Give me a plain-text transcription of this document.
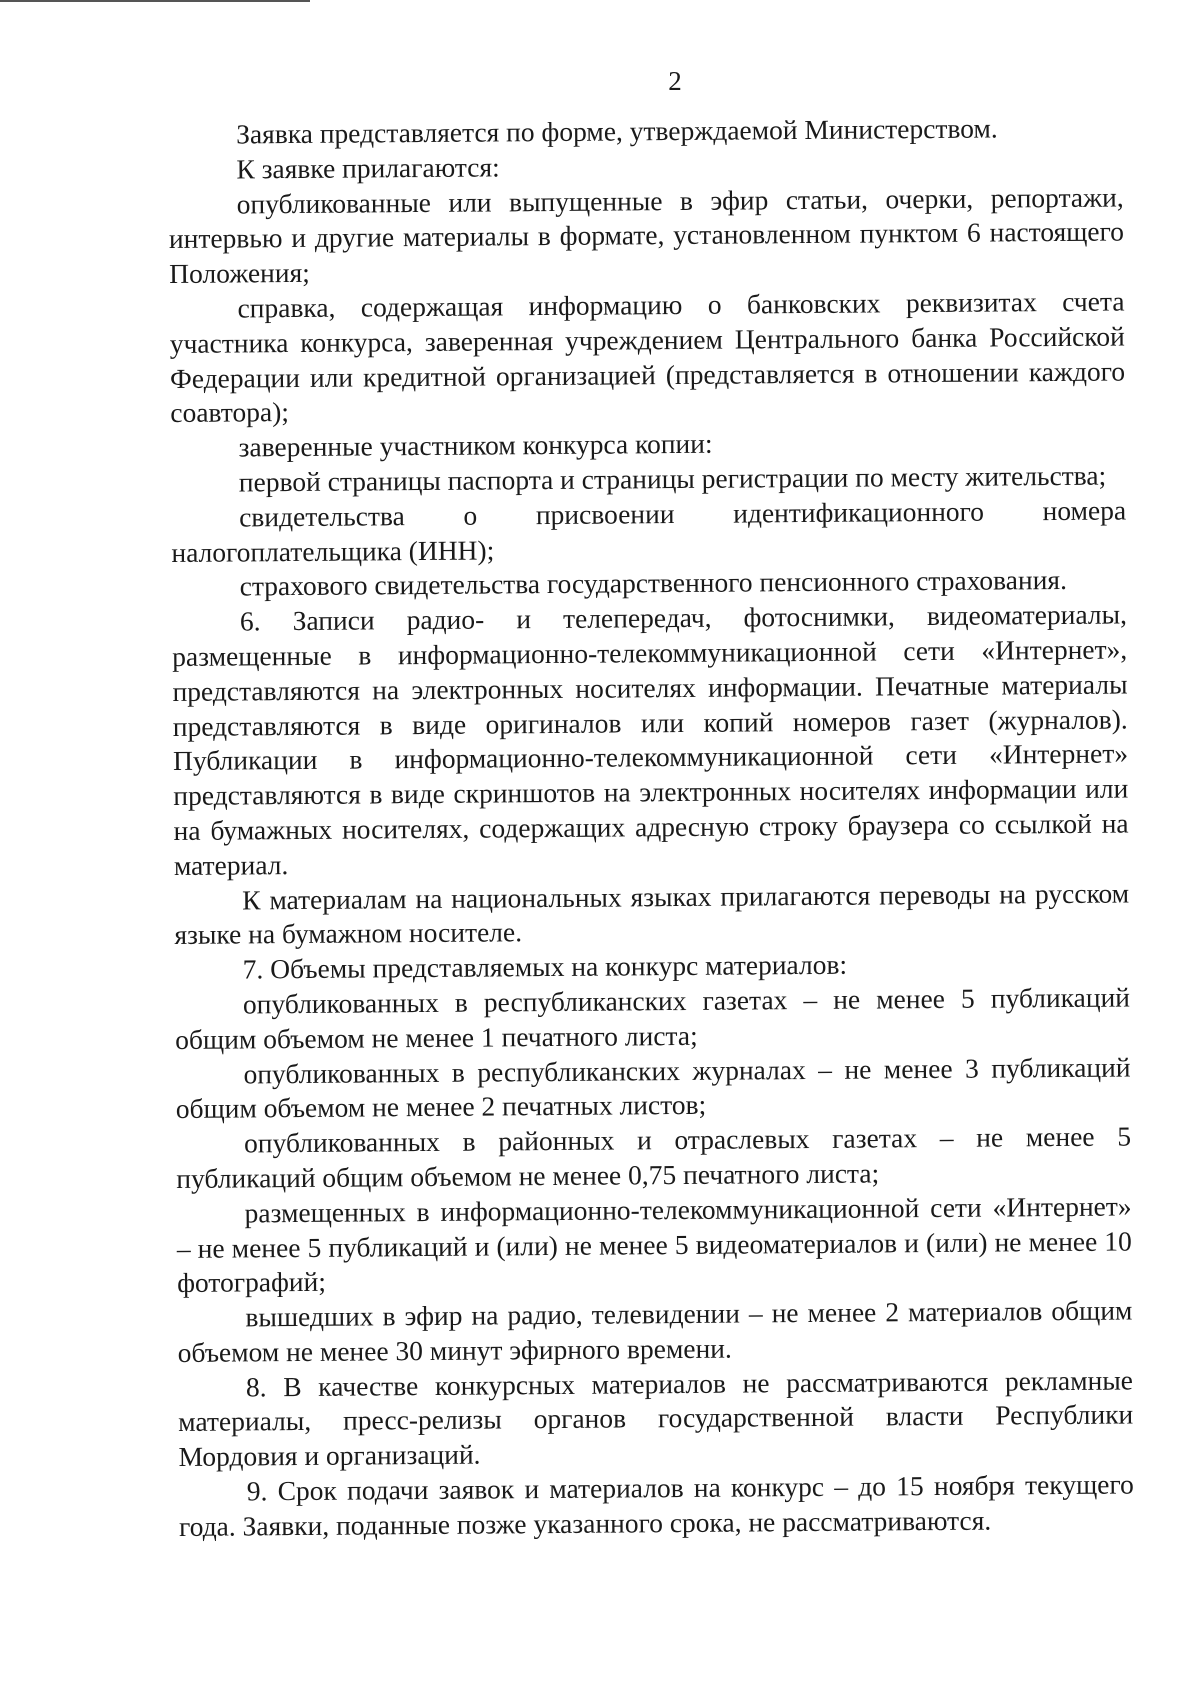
2

Заявка представляется по форме, утверждаемой Министерством.

К заявке прилагаются:

опубликованные или выпущенные в эфир статьи, очерки, репортажи, интервью и другие материалы в формате, установленном пунктом 6 настоящего Положения;

справка, содержащая информацию о банковских реквизитах счета участника конкурса, заверенная учреждением Центрального банка Российской Федерации или кредитной организацией (представляется в отношении каждого соавтора);

заверенные участником конкурса копии:

первой страницы паспорта и страницы регистрации по месту жительства;

свидетельства о присвоении идентификационного номера налогоплательщика (ИНН);

страхового свидетельства государственного пенсионного страхования.

6. Записи радио- и телепередач, фотоснимки, видеоматериалы, размещенные в информационно-телекоммуникационной сети «Интернет», представляются на электронных носителях информации. Печатные материалы представляются в виде оригиналов или копий номеров газет (журналов). Публикации в информационно-телекоммуникационной сети «Интернет» представляются в виде скриншотов на электронных носителях информации или на бумажных носителях, содержащих адресную строку браузера со ссылкой на материал.

К материалам на национальных языках прилагаются переводы на русском языке на бумажном носителе.

7. Объемы представляемых на конкурс материалов:

опубликованных в республиканских газетах – не менее 5 публикаций общим объемом не менее 1 печатного листа;

опубликованных в республиканских журналах – не менее 3 публикаций общим объемом не менее 2 печатных листов;

опубликованных в районных и отраслевых газетах – не менее 5 публикаций общим объемом не менее 0,75 печатного листа;

размещенных в информационно-телекоммуникационной сети «Интернет» – не менее 5 публикаций и (или) не менее 5 видеоматериалов и (или) не менее 10 фотографий;

вышедших в эфир на радио, телевидении – не менее 2 материалов общим объемом не менее 30 минут эфирного времени.

8. В качестве конкурсных материалов не рассматриваются рекламные материалы, пресс-релизы органов государственной власти Республики Мордовия и организаций.

9. Срок подачи заявок и материалов на конкурс – до 15 ноября текущего года. Заявки, поданные позже указанного срока, не рассматриваются.
